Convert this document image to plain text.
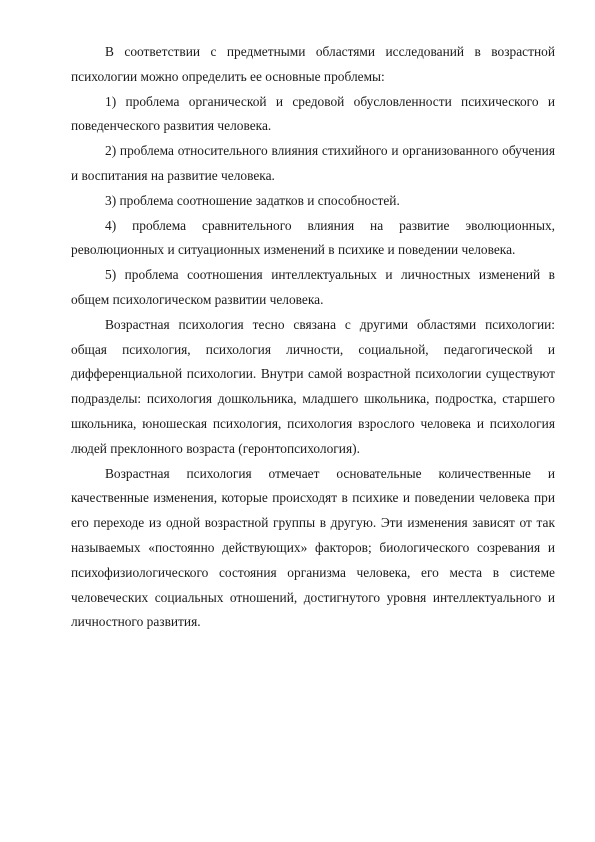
В соответствии с предметными областями исследований в возрастной психологии можно определить ее основные проблемы:

1) проблема органической и средовой обусловленности психического и поведенческого развития человека.

2) проблема относительного влияния стихийного и организованного обучения и воспитания на развитие человека.

3) проблема соотношение задатков и способностей.

4) проблема сравнительного влияния на развитие эволюционных, революционных и ситуационных изменений в психике и поведении человека.

5) проблема соотношения интеллектуальных и личностных изменений в общем психологическом развитии человека.

Возрастная психология тесно связана с другими областями психологии: общая психология, психология личности, социальной, педагогической и дифференциальной психологии. Внутри самой возрастной психологии существуют подразделы: психология дошкольника, младшего школьника, подростка, старшего школьника, юношеская психология, психология взрослого человека и психология людей преклонного возраста (геронтопсихология).

Возрастная психология отмечает основательные количественные и качественные изменения, которые происходят в психике и поведении человека при его переходе из одной возрастной группы в другую. Эти изменения зависят от так называемых «постоянно действующих» факторов; биологического созревания и психофизиологического состояния организма человека, его места в системе человеческих социальных отношений, достигнутого уровня интеллектуального и личностного развития.
